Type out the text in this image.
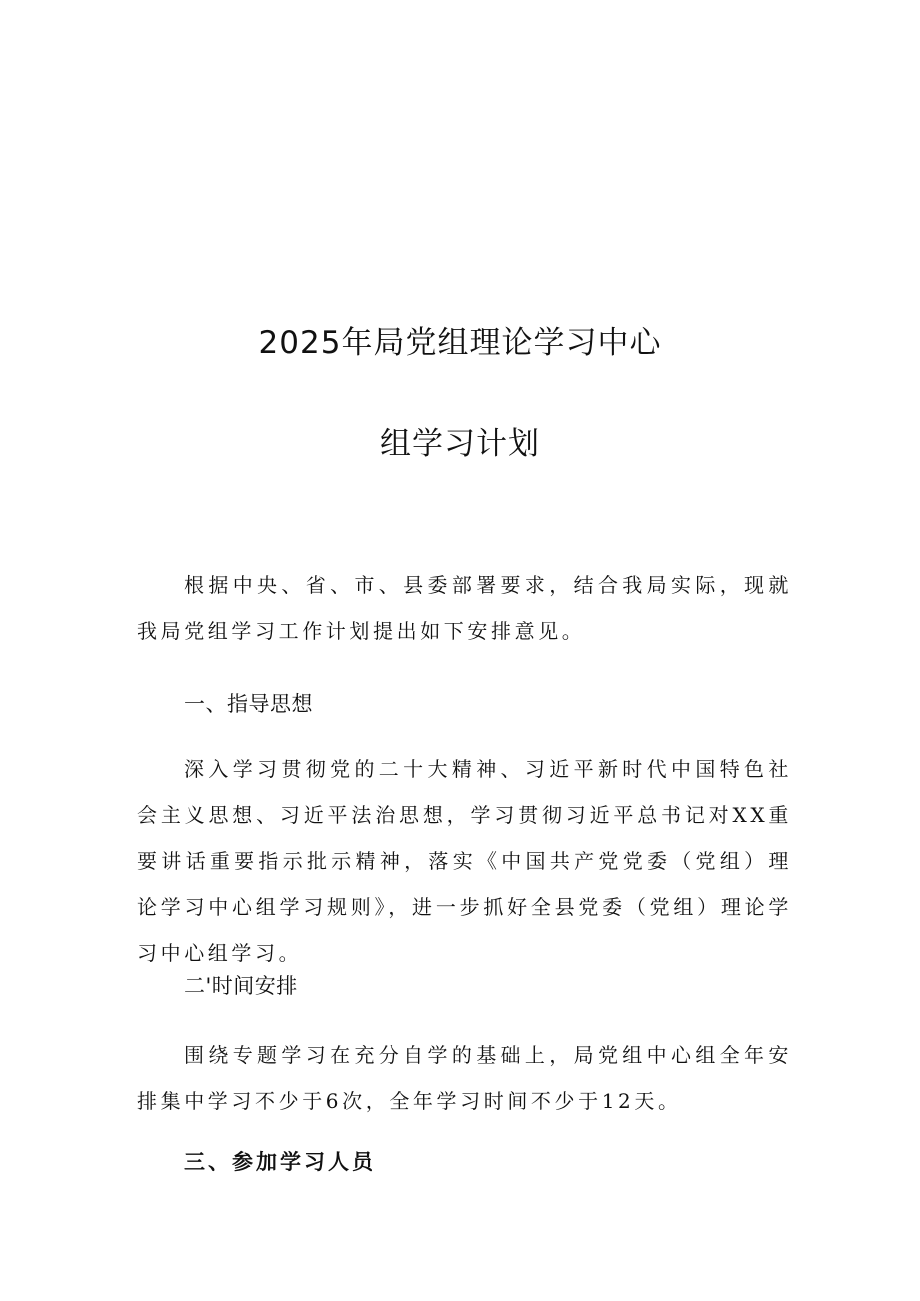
2025年局党组理论学习中心
组学习计划

根据中央、省、市、县委部署要求，结合我局实际，现就我局党组学习工作计划提出如下安排意见。

一、指导思想

深入学习贯彻党的二十大精神、习近平新时代中国特色社会主义思想、习近平法治思想，学习贯彻习近平总书记对XX重要讲话重要指示批示精神，落实《中国共产党党委（党组）理论学习中心组学习规则》，进一步抓好全县党委（党组）理论学习中心组学习。

二'时间安排

围绕专题学习在充分自学的基础上，局党组中心组全年安排集中学习不少于6次，全年学习时间不少于12天。

三、参加学习人员
